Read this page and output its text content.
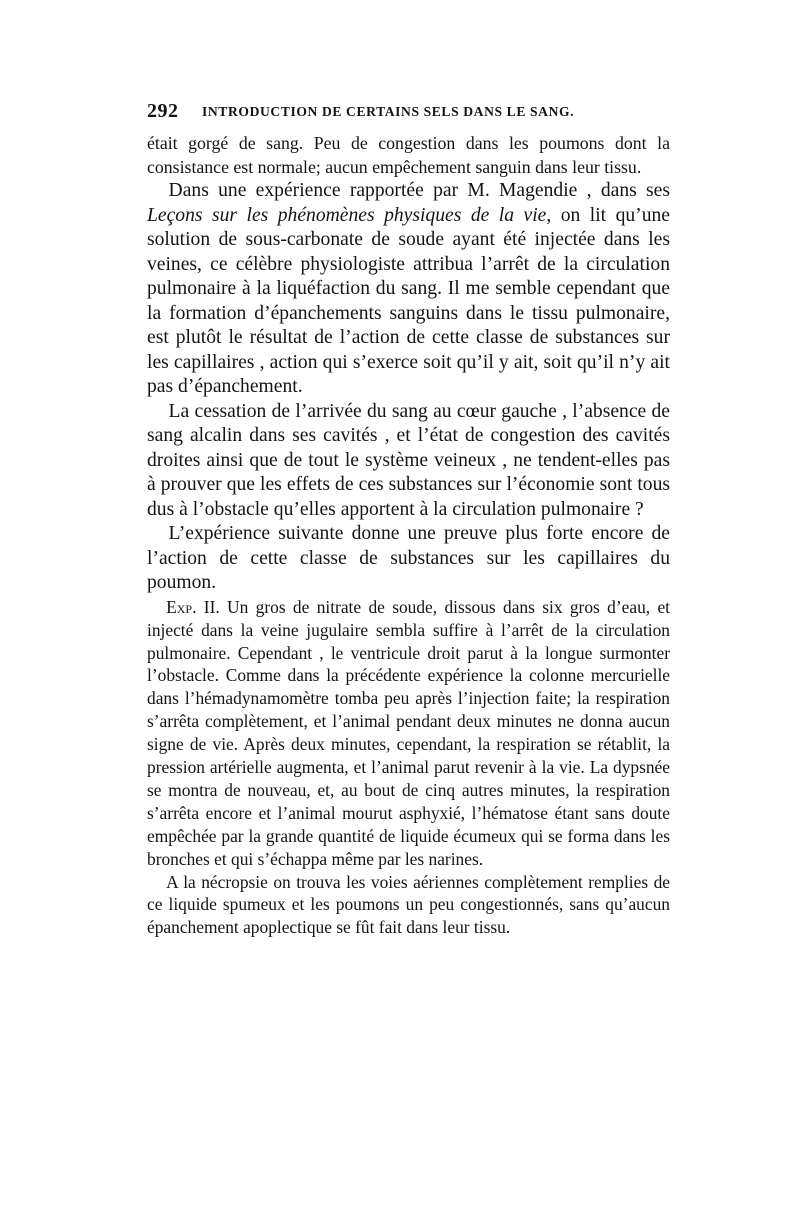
292 INTRODUCTION DE CERTAINS SELS DANS LE SANG.

était gorgé de sang. Peu de congestion dans les poumons dont la consistance est normale; aucun empêchement sanguin dans leur tissu.

Dans une expérience rapportée par M. Magendie , dans ses Leçons sur les phénomènes physiques de la vie, on lit qu’une solution de sous-carbonate de soude ayant été injectée dans les veines, ce célèbre physiologiste attribua l’arrêt de la circulation pulmonaire à la liquéfaction du sang. Il me semble cependant que la formation d’épanchements sanguins dans le tissu pulmonaire, est plutôt le résultat de l’action de cette classe de substances sur les capillaires , action qui s’exerce soit qu’il y ait, soit qu’il n’y ait pas d’épanchement.

La cessation de l’arrivée du sang au cœur gauche , l’absence de sang alcalin dans ses cavités , et l’état de congestion des cavités droites ainsi que de tout le système veineux , ne tendent-elles pas à prouver que les effets de ces substances sur l’économie sont tous dus à l’obstacle qu’elles apportent à la circulation pulmonaire ?

L’expérience suivante donne une preuve plus forte encore de l’action de cette classe de substances sur les capillaires du poumon.

Exp. II. Un gros de nitrate de soude, dissous dans six gros d’eau, et injecté dans la veine jugulaire sembla suffire à l’arrêt de la circulation pulmonaire. Cependant , le ventricule droit parut à la longue surmonter l’obstacle. Comme dans la précédente expérience la colonne mercurielle dans l’hémadynamomètre tomba peu après l’injection faite; la respiration s’arrêta complètement, et l’animal pendant deux minutes ne donna aucun signe de vie. Après deux minutes, cependant, la respiration se rétablit, la pression artérielle augmenta, et l’animal parut revenir à la vie. La dypsnée se montra de nouveau, et, au bout de cinq autres minutes, la respiration s’arrêta encore et l’animal mourut asphyxié, l’hématose étant sans doute empêchée par la grande quantité de liquide écumeux qui se forma dans les bronches et qui s’échappa même par les narines.

A la nécropsie on trouva les voies aériennes complètement remplies de ce liquide spumeux et les poumons un peu congestionnés, sans qu’aucun épanchement apoplectique se fût fait dans leur tissu.
